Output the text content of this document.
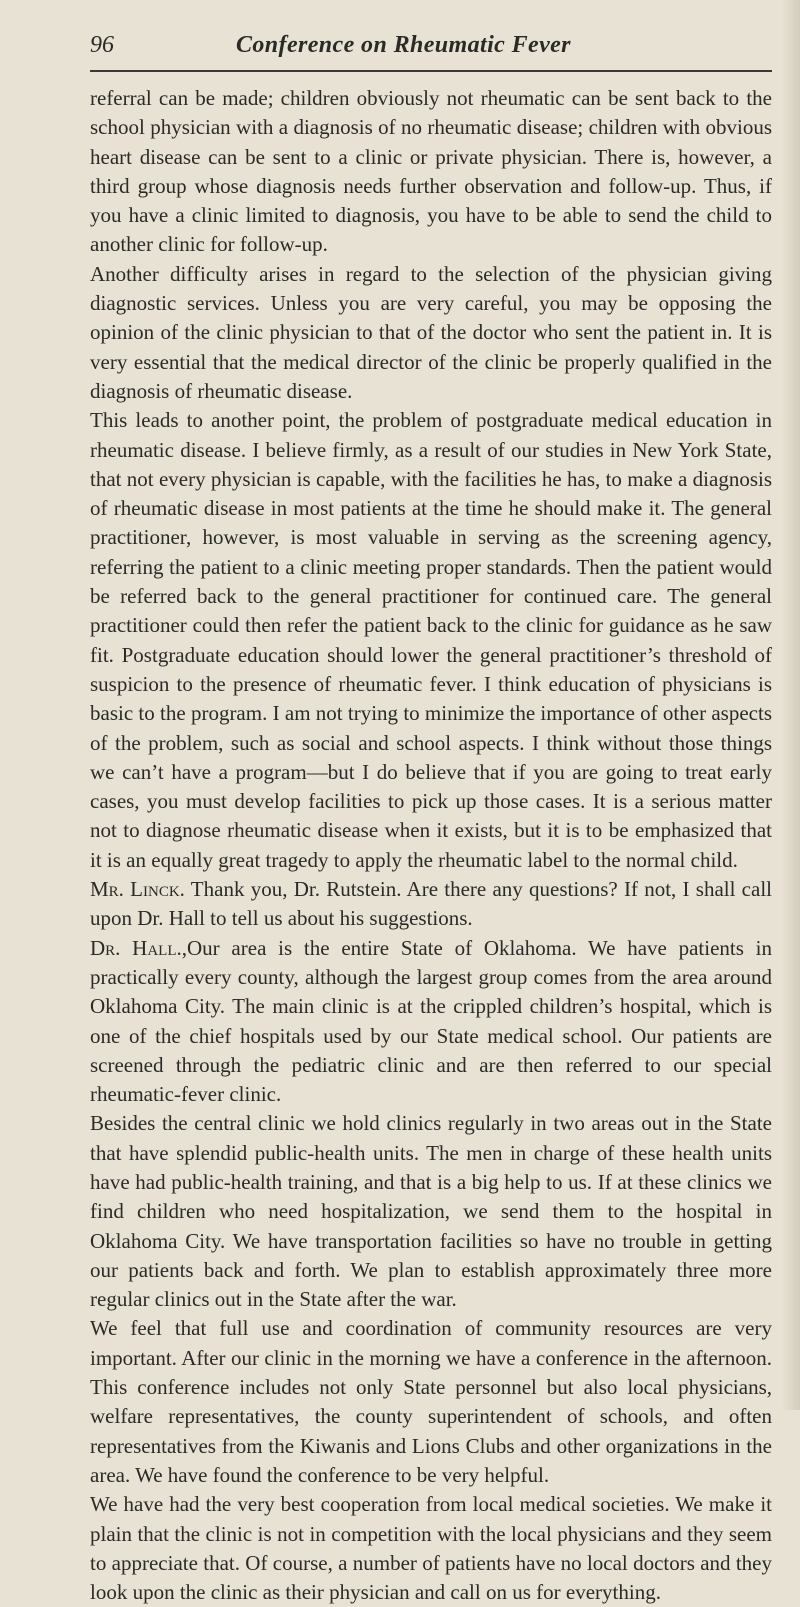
96	Conference on Rheumatic Fever

referral can be made; children obviously not rheumatic can be sent back to the school physician with a diagnosis of no rheumatic disease; children with obvious heart disease can be sent to a clinic or private physician. There is, however, a third group whose diagnosis needs further observation and follow-up. Thus, if you have a clinic limited to diagnosis, you have to be able to send the child to another clinic for follow-up.

Another difficulty arises in regard to the selection of the physician giving diagnostic services. Unless you are very careful, you may be opposing the opinion of the clinic physician to that of the doctor who sent the patient in. It is very essential that the medical director of the clinic be properly qualified in the diagnosis of rheumatic disease.

This leads to another point, the problem of postgraduate medical education in rheumatic disease. I believe firmly, as a result of our studies in New York State, that not every physician is capable, with the facilities he has, to make a diagnosis of rheumatic disease in most patients at the time he should make it. The general practitioner, however, is most valuable in serving as the screening agency, referring the patient to a clinic meeting proper standards. Then the patient would be referred back to the general practitioner for continued care. The general practitioner could then refer the patient back to the clinic for guidance as he saw fit. Postgraduate education should lower the general practitioner’s threshold of suspicion to the presence of rheumatic fever. I think education of physicians is basic to the program. I am not trying to minimize the importance of other aspects of the problem, such as social and school aspects. I think without those things we can’t have a program—but I do believe that if you are going to treat early cases, you must develop facilities to pick up those cases. It is a serious matter not to diagnose rheumatic disease when it exists, but it is to be emphasized that it is an equally great tragedy to apply the rheumatic label to the normal child.

Mr. Linck. Thank you, Dr. Rutstein. Are there any questions? If not, I shall call upon Dr. Hall to tell us about his suggestions.

Dr. Hall.,Our area is the entire State of Oklahoma. We have patients in practically every county, although the largest group comes from the area around Oklahoma City. The main clinic is at the crippled children’s hospital, which is one of the chief hospitals used by our State medical school. Our patients are screened through the pediatric clinic and are then referred to our special rheumatic-fever clinic.

Besides the central clinic we hold clinics regularly in two areas out in the State that have splendid public-health units. The men in charge of these health units have had public-health training, and that is a big help to us. If at these clinics we find children who need hospitalization, we send them to the hospital in Oklahoma City. We have transportation facilities so have no trouble in getting our patients back and forth. We plan to establish approximately three more regular clinics out in the State after the war.

We feel that full use and coordination of community resources are very important. After our clinic in the morning we have a conference in the afternoon. This conference includes not only State personnel but also local physicians, welfare representatives, the county superintendent of schools, and often representatives from the Kiwanis and Lions Clubs and other organizations in the area. We have found the conference to be very helpful.

We have had the very best cooperation from local medical societies. We make it plain that the clinic is not in competition with the local physicians and they seem to appreciate that. Of course, a number of patients have no local doctors and they look upon the clinic as their physician and call on us for everything.
